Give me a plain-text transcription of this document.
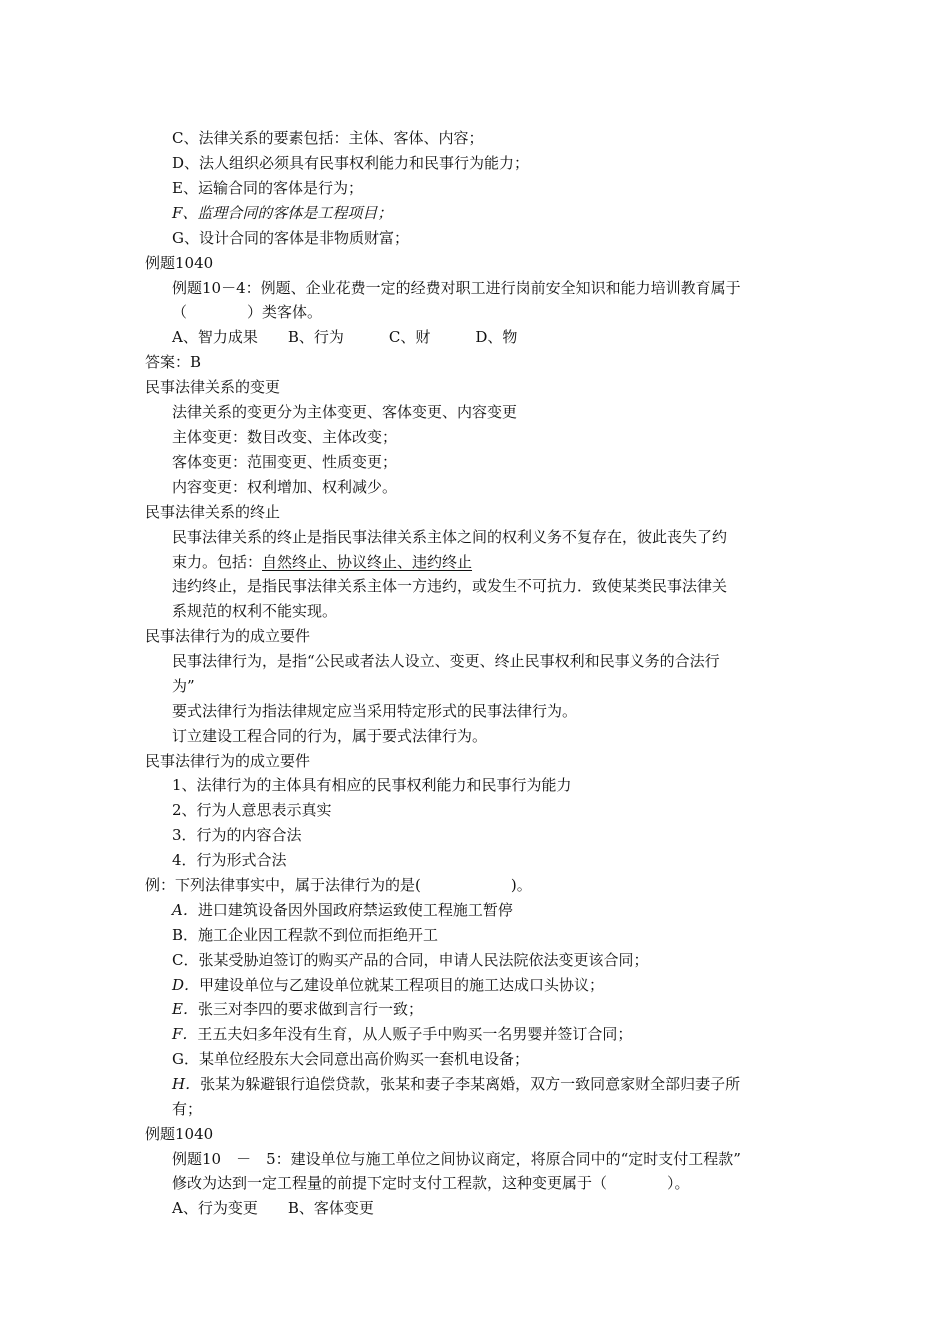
C、法律关系的要素包括：主体、客体、内容；
D、法人组织必须具有民事权利能力和民事行为能力；
E、运输合同的客体是行为；
F、监理合同的客体是工程项目；
G、设计合同的客体是非物质财富；
例题1040
例题10－4：例题、企业花费一定的经费对职工进行岗前安全知识和能力培训教育属于
（　　　　）类客体。
A、智力成果　　B、行为　　　C、财　　　D、物
答案：B
民事法律关系的变更
法律关系的变更分为主体变更、客体变更、内容变更
主体变更：数目改变、主体改变；
客体变更：范围变更、性质变更；
内容变更：权利增加、权利减少。
民事法律关系的终止
民事法律关系的终止是指民事法律关系主体之间的权利义务不复存在，彼此丧失了约
束力。包括：自然终止、协议终止、违约终止
违约终止，是指民事法律关系主体一方违约，或发生不可抗力．致使某类民事法律关
系规范的权利不能实现。
民事法律行为的成立要件
民事法律行为，是指“公民或者法人设立、变更、终止民事权利和民事义务的合法行
为”
要式法律行为指法律规定应当采用特定形式的民事法律行为。
订立建设工程合同的行为，属于要式法律行为。
民事法律行为的成立要件
1、法律行为的主体具有相应的民事权利能力和民事行为能力
2、行为人意思表示真实
3．行为的内容合法
4．行为形式合法
例：下列法律事实中，属于法律行为的是(　　　　　　)。
A．进口建筑设备因外国政府禁运致使工程施工暂停
B．施工企业因工程款不到位而拒绝开工
C．张某受胁迫签订的购买产品的合同，申请人民法院依法变更该合同；
D．甲建设单位与乙建设单位就某工程项目的施工达成口头协议；
E．张三对李四的要求做到言行一致；
F．王五夫妇多年没有生育，从人贩子手中购买一名男婴并签订合同；
G．某单位经股东大会同意出高价购买一套机电设备；
H．张某为躲避银行追偿贷款，张某和妻子李某离婚，双方一致同意家财全部归妻子所
有；
例题1040
例题10　－　5：建设单位与施工单位之间协议商定，将原合同中的“定时支付工程款”
修改为达到一定工程量的前提下定时支付工程款，这种变更属于（　　　　）。
A、行为变更　　B、客体变更
